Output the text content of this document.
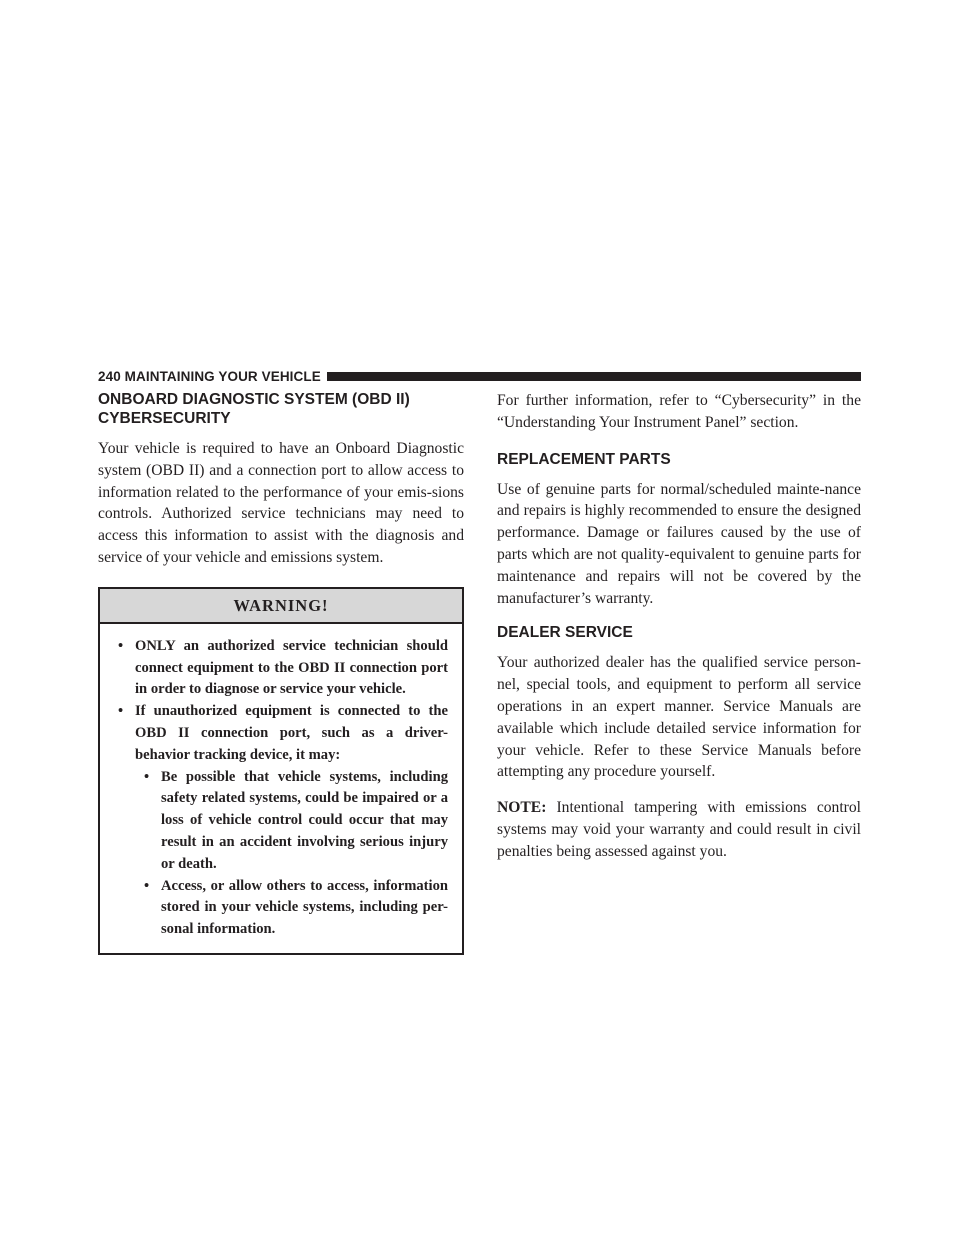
240 MAINTAINING YOUR VEHICLE
ONBOARD DIAGNOSTIC SYSTEM (OBD II)
CYBERSECURITY

Your vehicle is required to have an Onboard Diagnostic system (OBD II) and a connection port to allow access to information related to the performance of your emis-sions controls. Authorized service technicians may need to access this information to assist with the diagnosis and service of your vehicle and emissions system.

WARNING!
• ONLY an authorized service technician should connect equipment to the OBD II connection port in order to diagnose or service your vehicle.
• If unauthorized equipment is connected to the OBD II connection port, such as a driver-behavior tracking device, it may:
• Be possible that vehicle systems, including safety related systems, could be impaired or a loss of vehicle control could occur that may result in an accident involving serious injury or death.
• Access, or allow others to access, information stored in your vehicle systems, including per-sonal information.

For further information, refer to “Cybersecurity” in the “Understanding Your Instrument Panel” section.

REPLACEMENT PARTS

Use of genuine parts for normal/scheduled mainte-nance and repairs is highly recommended to ensure the designed performance. Damage or failures caused by the use of parts which are not quality-equivalent to genuine parts for maintenance and repairs will not be covered by the manufacturer’s warranty.

DEALER SERVICE

Your authorized dealer has the qualified service person-nel, special tools, and equipment to perform all service operations in an expert manner. Service Manuals are available which include detailed service information for your vehicle. Refer to these Service Manuals before attempting any procedure yourself.

NOTE: Intentional tampering with emissions control systems may void your warranty and could result in civil penalties being assessed against you.
